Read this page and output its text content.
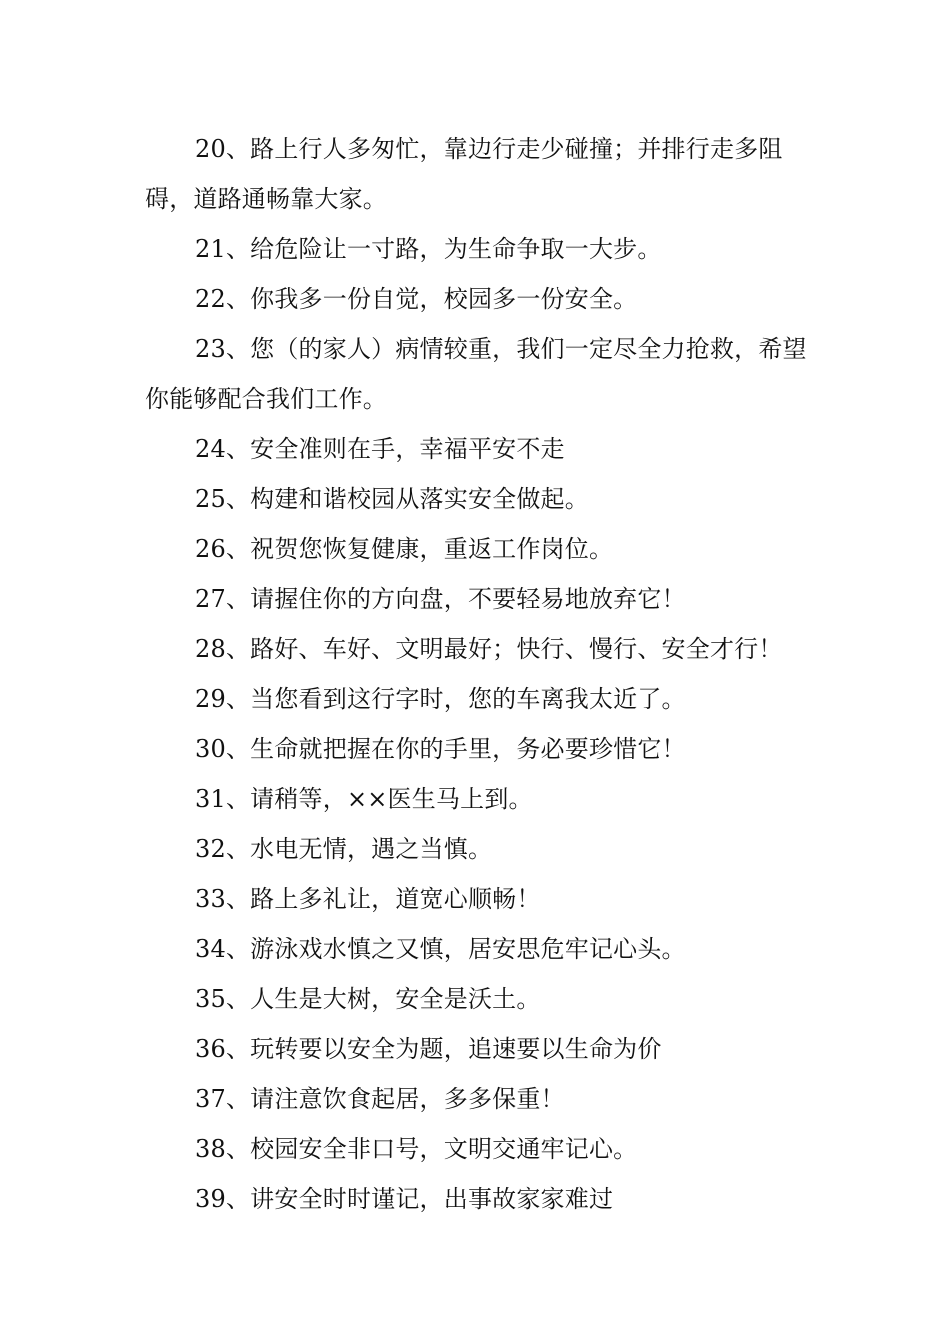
20、路上行人多匆忙，靠边行走少碰撞；并排行走多阻碍，道路通畅靠大家。

21、给危险让一寸路，为生命争取一大步。

22、你我多一份自觉，校园多一份安全。

23、您（的家人）病情较重，我们一定尽全力抢救，希望你能够配合我们工作。

24、安全准则在手，幸福平安不走

25、构建和谐校园从落实安全做起。

26、祝贺您恢复健康，重返工作岗位。

27、请握住你的方向盘，不要轻易地放弃它！

28、路好、车好、文明最好；快行、慢行、安全才行！

29、当您看到这行字时，您的车离我太近了。

30、生命就把握在你的手里，务必要珍惜它！

31、请稍等，××医生马上到。

32、水电无情，遇之当慎。

33、路上多礼让，道宽心顺畅！

34、游泳戏水慎之又慎，居安思危牢记心头。

35、人生是大树，安全是沃土。

36、玩转要以安全为题，追速要以生命为价

37、请注意饮食起居，多多保重！

38、校园安全非口号，文明交通牢记心。

39、讲安全时时谨记，出事故家家难过
